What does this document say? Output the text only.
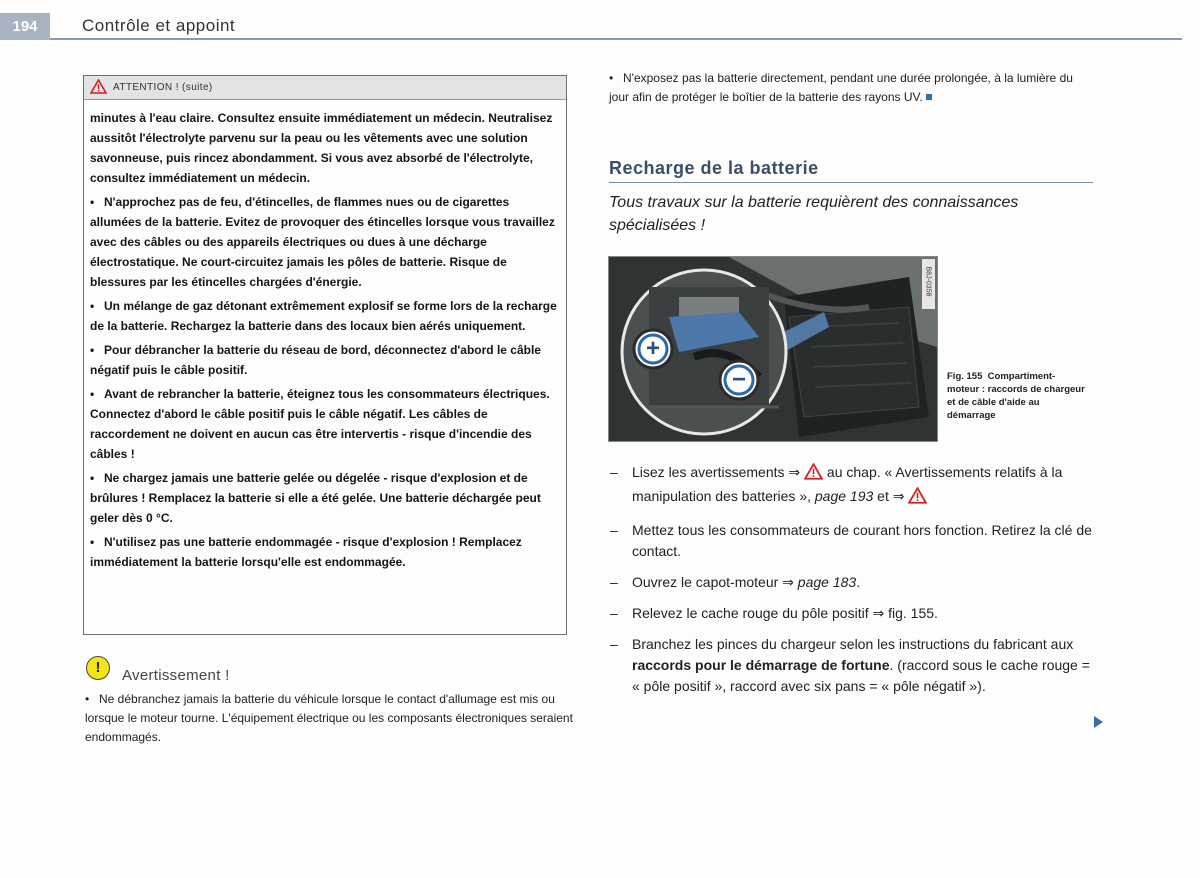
194	Contrôle et appoint
ATTENTION ! (suite)

minutes à l'eau claire. Consultez ensuite immédiatement un médecin. Neutralisez aussitôt l'électrolyte parvenu sur la peau ou les vêtements avec une solution savonneuse, puis rincez abondamment. Si vous avez absorbé de l'électrolyte, consultez immédiatement un médecin.

• N'approchez pas de feu, d'étincelles, de flammes nues ou de cigarettes allumées de la batterie. Evitez de provoquer des étincelles lorsque vous travaillez avec des câbles ou des appareils électriques ou dues à une décharge électrostatique. Ne court-circuitez jamais les pôles de batterie. Risque de blessures par les étincelles chargées d'énergie.

• Un mélange de gaz détonant extrêmement explosif se forme lors de la recharge de la batterie. Rechargez la batterie dans des locaux bien aérés uniquement.

• Pour débrancher la batterie du réseau de bord, déconnectez d'abord le câble négatif puis le câble positif.

• Avant de rebrancher la batterie, éteignez tous les consommateurs électriques. Connectez d'abord le câble positif puis le câble négatif. Les câbles de raccordement ne doivent en aucun cas être intervertis - risque d'incendie des câbles !

• Ne chargez jamais une batterie gelée ou dégelée - risque d'explosion et de brûlures ! Remplacez la batterie si elle a été gelée. Une batterie déchargée peut geler dès 0 °C.

• N'utilisez pas une batterie endommagée - risque d'explosion ! Remplacez immédiatement la batterie lorsqu'elle est endommagée.

!	Avertissement !
• Ne débranchez jamais la batterie du véhicule lorsque le contact d'allumage est mis ou lorsque le moteur tourne. L'équipement électrique ou les composants électroniques seraient endommagés.
• N'exposez pas la batterie directement, pendant une durée prolongée, à la lumière du jour afin de protéger le boîtier de la batterie des rayons UV.
Recharge de la batterie
Tous travaux sur la batterie requièrent des connaissances spécialisées !
+
−
B8J-0358
Fig. 155 Compartiment-moteur : raccords de chargeur et de câble d'aide au démarrage
–	Lisez les avertissements ⇒  au chap. « Avertissements relatifs à la manipulation des batteries », page 193 et ⇒
–	Mettez tous les consommateurs de courant hors fonction. Retirez la clé de contact.
–	Ouvrez le capot-moteur ⇒ page 183.
–	Relevez le cache rouge du pôle positif ⇒ fig. 155.
–	Branchez les pinces du chargeur selon les instructions du fabricant aux raccords pour le démarrage de fortune. (raccord sous le cache rouge = « pôle positif », raccord avec six pans = « pôle négatif »).
